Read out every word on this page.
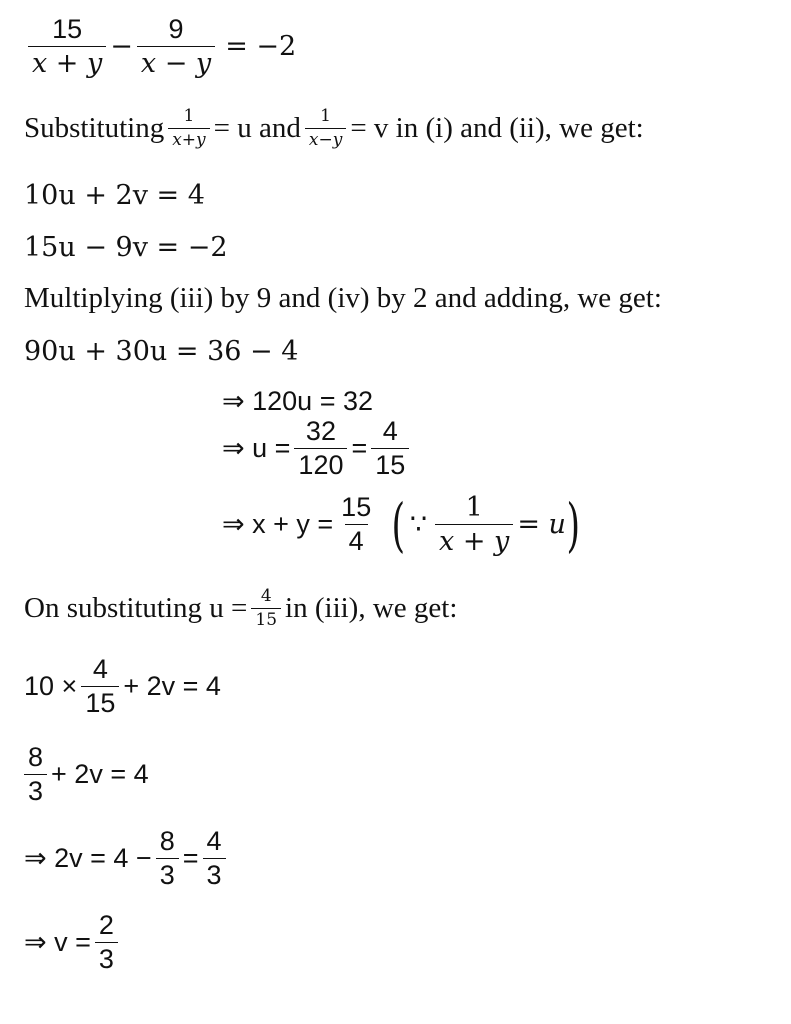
$\frac{15}{x + y} - \frac{9}{x - y} = -2$
Substituting $\frac{1}{x+y} = u$ and $\frac{1}{x-y} = v$ in (i) and (ii), we get:
10u + 2v = 4
15u − 9v = −2
Multiplying (iii) by 9 and (iv) by 2 and adding, we get:
90u + 30u = 36 − 4
⇒ 120u = 32
⇒ $u = \frac{32}{120} = \frac{4}{15}$
⇒ $x + y = \frac{15}{4}$ ( ∵ $\frac{1}{x + y} = u$ )
On substituting $u = \frac{4}{15}$ in (iii), we get:
$10 \times \frac{4}{15} + 2v = 4$
$\frac{8}{3} + 2v = 4$
⇒ $2v = 4 - \frac{8}{3} = \frac{4}{3}$
⇒ $v = \frac{2}{3}$
